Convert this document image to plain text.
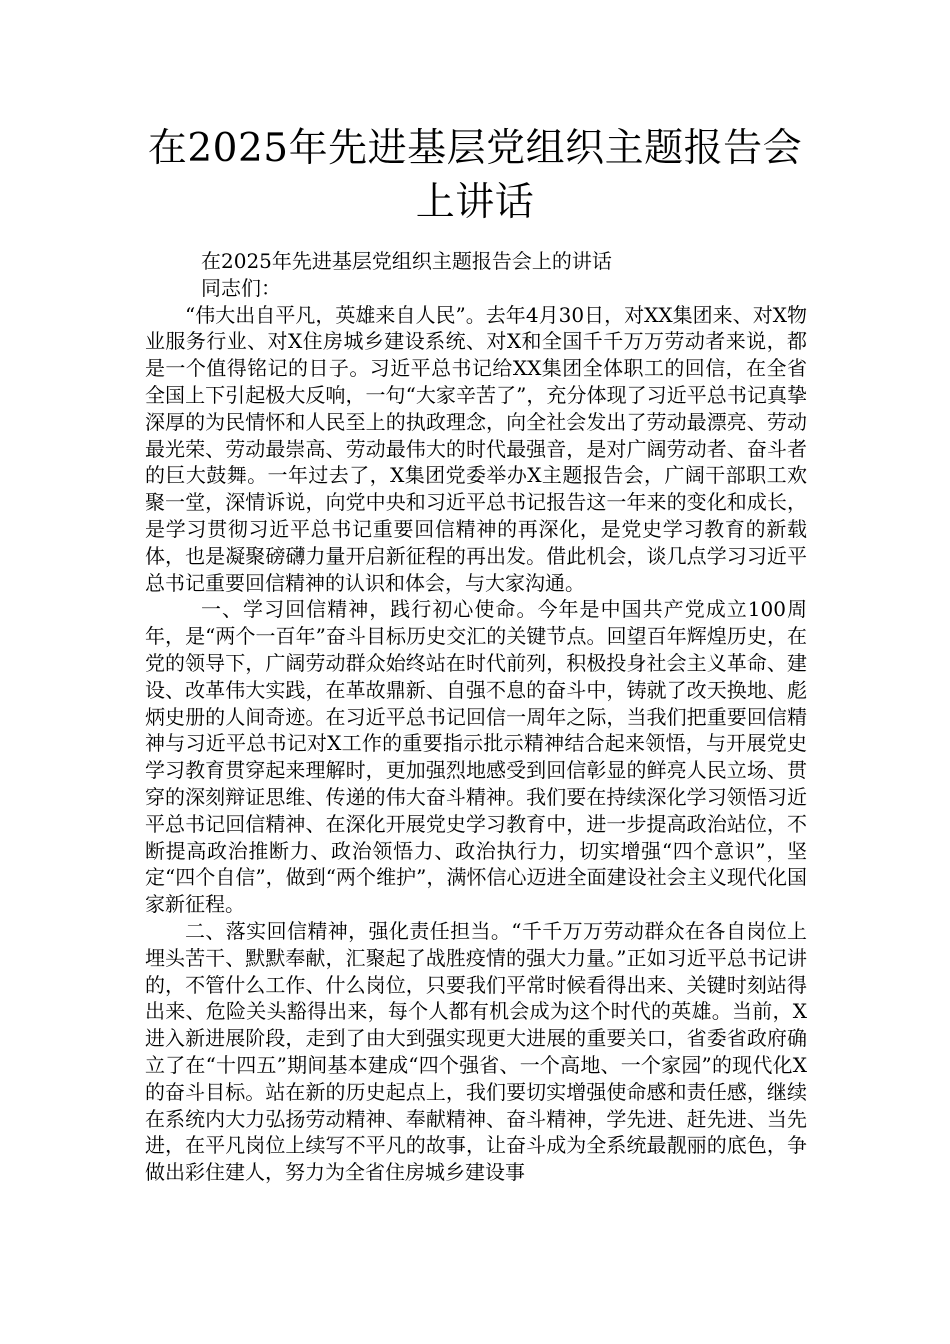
在2025年先进基层党组织主题报告会上讲话

在2025年先进基层党组织主题报告会上的讲话

同志们：

“伟大出自平凡，英雄来自人民”。去年4月30日，对XX集团来、对X物业服务行业、对X住房城乡建设系统、对X和全国千千万万劳动者来说，都是一个值得铭记的日子。习近平总书记给XX集团全体职工的回信，在全省全国上下引起极大反响，一句“大家辛苦了”，充分体现了习近平总书记真挚深厚的为民情怀和人民至上的执政理念，向全社会发出了劳动最漂亮、劳动最光荣、劳动最崇高、劳动最伟大的时代最强音，是对广阔劳动者、奋斗者的巨大鼓舞。一年过去了，X集团党委举办X主题报告会，广阔干部职工欢聚一堂，深情诉说，向党中央和习近平总书记报告这一年来的变化和成长，是学习贯彻习近平总书记重要回信精神的再深化，是党史学习教育的新载体，也是凝聚磅礴力量开启新征程的再出发。借此机会，谈几点学习习近平总书记重要回信精神的认识和体会，与大家沟通。

一、学习回信精神，践行初心使命。今年是中国共产党成立100周年，是“两个一百年”奋斗目标历史交汇的关键节点。回望百年辉煌历史，在党的领导下，广阔劳动群众始终站在时代前列，积极投身社会主义革命、建设、改革伟大实践，在革故鼎新、自强不息的奋斗中，铸就了改天换地、彪炳史册的人间奇迹。在习近平总书记回信一周年之际，当我们把重要回信精神与习近平总书记对X工作的重要指示批示精神结合起来领悟，与开展党史学习教育贯穿起来理解时，更加强烈地感受到回信彰显的鲜亮人民立场、贯穿的深刻辩证思维、传递的伟大奋斗精神。我们要在持续深化学习领悟习近平总书记回信精神、在深化开展党史学习教育中，进一步提高政治站位，不断提高政治推断力、政治领悟力、政治执行力，切实增强“四个意识”，坚定“四个自信”，做到“两个维护”，满怀信心迈进全面建设社会主义现代化国家新征程。

二、落实回信精神，强化责任担当。“千千万万劳动群众在各自岗位上埋头苦干、默默奉献，汇聚起了战胜疫情的强大力量。”正如习近平总书记讲的，不管什么工作、什么岗位，只要我们平常时候看得出来、关键时刻站得出来、危险关头豁得出来，每个人都有机会成为这个时代的英雄。当前，X进入新进展阶段，走到了由大到强实现更大进展的重要关口，省委省政府确立了在“十四五”期间基本建成“四个强省、一个高地、一个家园”的现代化X的奋斗目标。站在新的历史起点上，我们要切实增强使命感和责任感，继续在系统内大力弘扬劳动精神、奉献精神、奋斗精神，学先进、赶先进、当先进，在平凡岗位上续写不平凡的故事，让奋斗成为全系统最靓丽的底色，争做出彩住建人，努力为全省住房城乡建设事
